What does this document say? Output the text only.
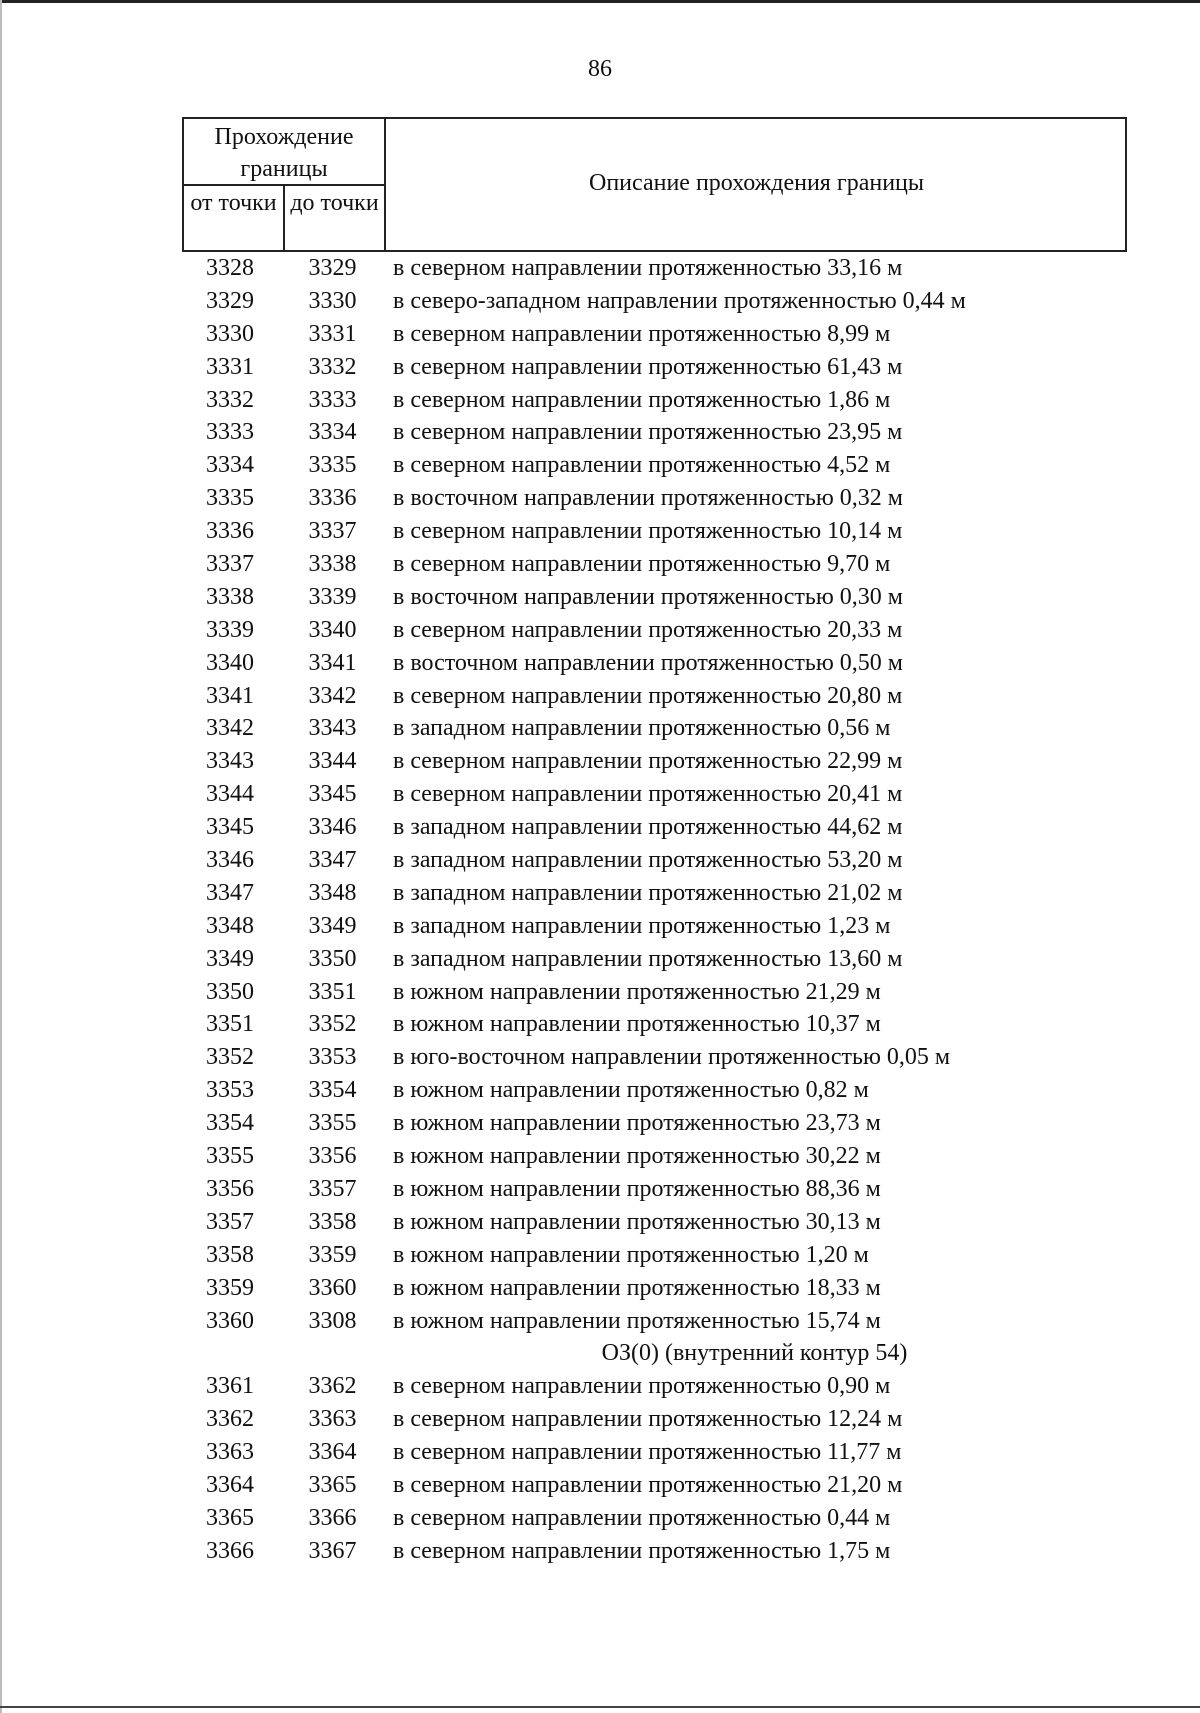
86
Прохождение границы
от точки до точки
Описание прохождения границы
3328	3329	в северном направлении протяженностью 33,16 м
3329	3330	в северо-западном направлении протяженностью 0,44 м
3330	3331	в северном направлении протяженностью 8,99 м
3331	3332	в северном направлении протяженностью 61,43 м
3332	3333	в северном направлении протяженностью 1,86 м
3333	3334	в северном направлении протяженностью 23,95 м
3334	3335	в северном направлении протяженностью 4,52 м
3335	3336	в восточном направлении протяженностью 0,32 м
3336	3337	в северном направлении протяженностью 10,14 м
3337	3338	в северном направлении протяженностью 9,70 м
3338	3339	в восточном направлении протяженностью 0,30 м
3339	3340	в северном направлении протяженностью 20,33 м
3340	3341	в восточном направлении протяженностью 0,50 м
3341	3342	в северном направлении протяженностью 20,80 м
3342	3343	в западном направлении протяженностью 0,56 м
3343	3344	в северном направлении протяженностью 22,99 м
3344	3345	в северном направлении протяженностью 20,41 м
3345	3346	в западном направлении протяженностью 44,62 м
3346	3347	в западном направлении протяженностью 53,20 м
3347	3348	в западном направлении протяженностью 21,02 м
3348	3349	в западном направлении протяженностью 1,23 м
3349	3350	в западном направлении протяженностью 13,60 м
3350	3351	в южном направлении протяженностью 21,29 м
3351	3352	в южном направлении протяженностью 10,37 м
3352	3353	в юго-восточном направлении протяженностью 0,05 м
3353	3354	в южном направлении протяженностью 0,82 м
3354	3355	в южном направлении протяженностью 23,73 м
3355	3356	в южном направлении протяженностью 30,22 м
3356	3357	в южном направлении протяженностью 88,36 м
3357	3358	в южном направлении протяженностью 30,13 м
3358	3359	в южном направлении протяженностью 1,20 м
3359	3360	в южном направлении протяженностью 18,33 м
3360	3308	в южном направлении протяженностью 15,74 м
ОЗ(0) (внутренний контур 54)
3361	3362	в северном направлении протяженностью 0,90 м
3362	3363	в северном направлении протяженностью 12,24 м
3363	3364	в северном направлении протяженностью 11,77 м
3364	3365	в северном направлении протяженностью 21,20 м
3365	3366	в северном направлении протяженностью 0,44 м
3366	3367	в северном направлении протяженностью 1,75 м
